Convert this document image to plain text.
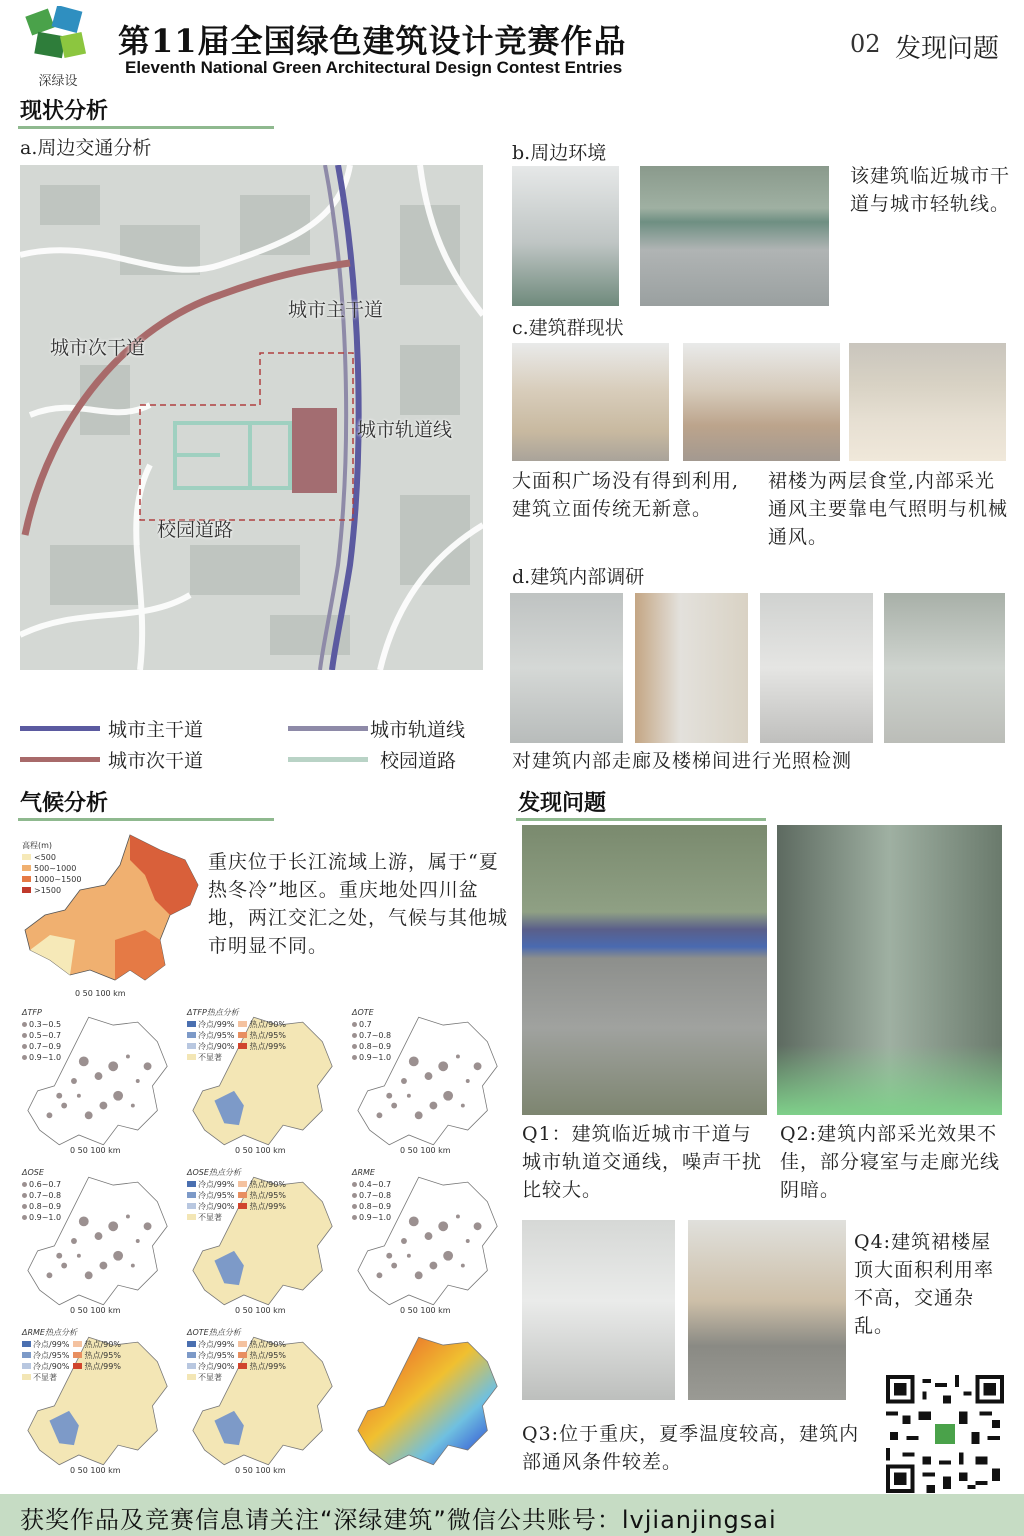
深绿设
第11届全国绿色建筑设计竞赛作品	02 发现问题
Eleventh National Green Architectural Design Contest Entries
现状分析
a.周边交通分析
城市主干道
城市次干道
城市轨道线
校园道路
城市主干道	城市轨道线
城市次干道	校园道路
b.周边环境
该建筑临近城市干道与城市轻轨线。
c.建筑群现状
大面积广场没有得到利用,建筑立面传统无新意。
裙楼为两层食堂,内部采光通风主要靠电气照明与机械通风。
d.建筑内部调研
对建筑内部走廊及楼梯间进行光照检测
气候分析
高程(m)
<500
500~1000
1000~1500
>1500
0 50 100 km
重庆位于长江流域上游，属于“夏热冬冷”地区。重庆地处四川盆地，两江交汇之处，气候与其他城市明显不同。
ΔTFP
0.3~0.5
0.5~0.7
0.7~0.9
0.9~1.0
0 50 100 km
ΔTFP热点分析
冷点/99%	热点/90%
冷点/95%	热点/95%
冷点/90%	热点/99%
不显著
0 50 100 km
ΔOTE
0.7
0.7~0.8
0.8~0.9
0.9~1.0
0 50 100 km
ΔOSE
0.6~0.7
0.7~0.8
0.8~0.9
0.9~1.0
0 50 100 km
ΔOSE热点分析
冷点/99%	热点/90%
冷点/95%	热点/95%
冷点/90%	热点/99%
不显著
0 50 100 km
ΔRME
0.4~0.7
0.7~0.8
0.8~0.9
0.9~1.0
0 50 100 km
ΔRME热点分析
冷点/99%	热点/90%
冷点/95%	热点/95%
冷点/90%	热点/99%
不显著
0 50 100 km
ΔOTE热点分析
冷点/99%	热点/90%
冷点/95%	热点/95%
冷点/90%	热点/99%
不显著
0 50 100 km
发现问题
Q1：建筑临近城市干道与城市轨道交通线，噪声干扰比较大。
Q2:建筑内部采光效果不佳，部分寝室与走廊光线阴暗。
Q4:建筑裙楼屋顶大面积利用率不高，交通杂乱。
Q3:位于重庆，夏季温度较高，建筑内部通风条件较差。
获奖作品及竞赛信息请关注“深绿建筑”微信公共账号：lvjianjingsai
